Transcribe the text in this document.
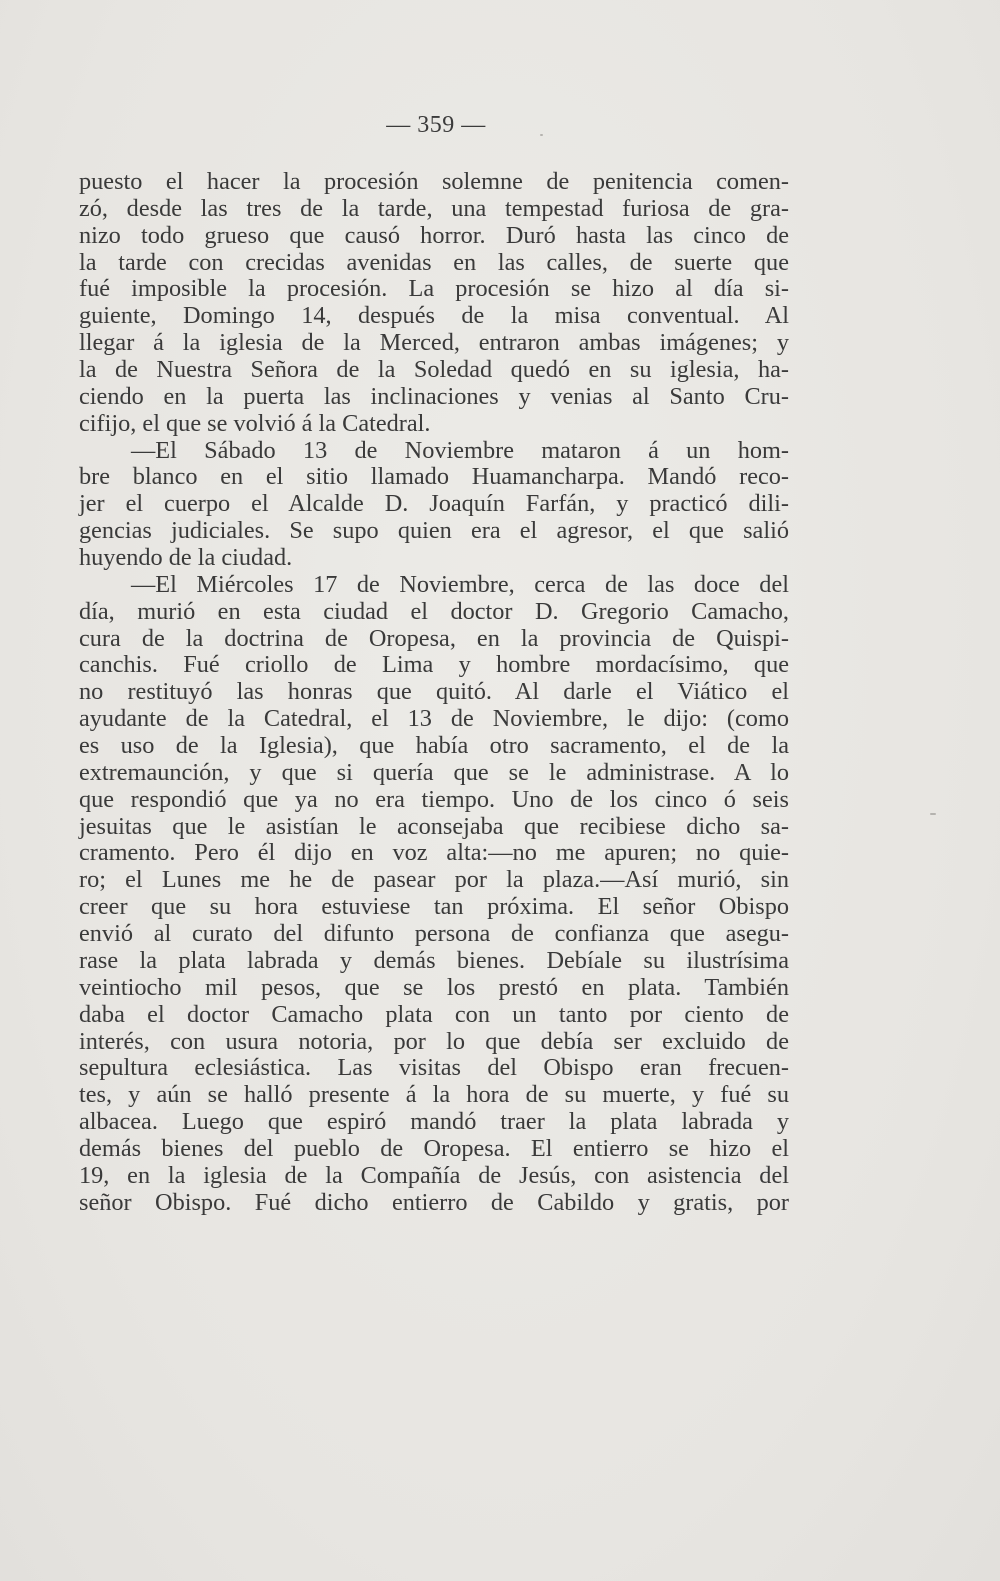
— 359 —
puesto el hacer la procesión solemne de penitencia comen-
zó, desde las tres de la tarde, una tempestad furiosa de gra-
nizo todo grueso que causó horror. Duró hasta las cinco de
la tarde con crecidas avenidas en las calles, de suerte que
fué imposible la procesión. La procesión se hizo al día si-
guiente, Domingo 14, después de la misa conventual. Al
llegar á la iglesia de la Merced, entraron ambas imágenes; y
la de Nuestra Señora de la Soledad quedó en su iglesia, ha-
ciendo en la puerta las inclinaciones y venias al Santo Cru-
cifijo, el que se volvió á la Catedral.
—El Sábado 13 de Noviembre mataron á un hom-
bre blanco en el sitio llamado Huamancharpa. Mandó reco-
jer el cuerpo el Alcalde D. Joaquín Farfán, y practicó dili-
gencias judiciales. Se supo quien era el agresor, el que salió
huyendo de la ciudad.
—El Miércoles 17 de Noviembre, cerca de las doce del
día, murió en esta ciudad el doctor D. Gregorio Camacho,
cura de la doctrina de Oropesa, en la provincia de Quispi-
canchis. Fué criollo de Lima y hombre mordacísimo, que
no restituyó las honras que quitó. Al darle el Viático el
ayudante de la Catedral, el 13 de Noviembre, le dijo: (como
es uso de la Iglesia), que había otro sacramento, el de la
extremaunción, y que si quería que se le administrase. A lo
que respondió que ya no era tiempo. Uno de los cinco ó seis
jesuitas que le asistían le aconsejaba que recibiese dicho sa-
cramento. Pero él dijo en voz alta:—no me apuren; no quie-
ro; el Lunes me he de pasear por la plaza.—Así murió, sin
creer que su hora estuviese tan próxima. El señor Obispo
envió al curato del difunto persona de confianza que asegu-
rase la plata labrada y demás bienes. Debíale su ilustrísima
veintiocho mil pesos, que se los prestó en plata. También
daba el doctor Camacho plata con un tanto por ciento de
interés, con usura notoria, por lo que debía ser excluido de
sepultura eclesiástica. Las visitas del Obispo eran frecuen-
tes, y aún se halló presente á la hora de su muerte, y fué su
albacea. Luego que espiró mandó traer la plata labrada y
demás bienes del pueblo de Oropesa. El entierro se hizo el
19, en la iglesia de la Compañía de Jesús, con asistencia del
señor Obispo. Fué dicho entierro de Cabildo y gratis, por
